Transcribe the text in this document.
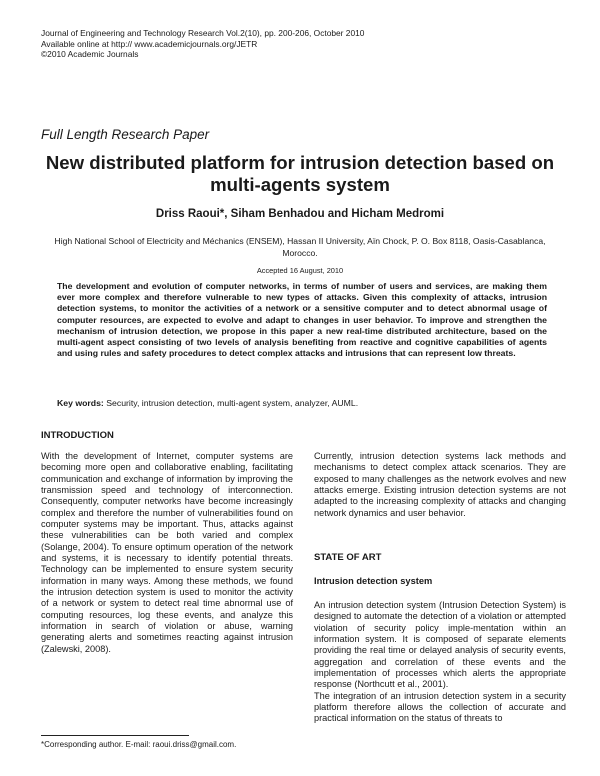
Journal of Engineering and Technology Research Vol.2(10), pp. 200-206, October 2010
Available online at http:// www.academicjournals.org/JETR
©2010 Academic Journals
Full Length Research Paper
New distributed platform for intrusion detection based on multi-agents system
Driss Raoui*, Siham Benhadou and Hicham Medromi
High National School of Electricity and Méchanics (ENSEM), Hassan II University, Aïn Chock, P. O. Box 8118, Oasis-Casablanca, Morocco.
Accepted 16 August, 2010
The development and evolution of computer networks, in terms of number of users and services, are making them ever more complex and therefore vulnerable to new types of attacks. Given this complexity of attacks, intrusion detection systems, to monitor the activities of a network or a sensitive computer and to detect abnormal usage of computer resources, are expected to evolve and adapt to changes in user behavior. To improve and strengthen the mechanism of intrusion detection, we propose in this paper a new real-time distributed architecture, based on the multi-agent aspect consisting of two levels of analysis benefiting from reactive and cognitive capabilities of agents and using rules and safety procedures to detect complex attacks and intrusions that can represent low threats.
Key words: Security, intrusion detection, multi-agent system, analyzer, AUML.
INTRODUCTION
With the development of Internet, computer systems are becoming more open and collaborative enabling, facilitating communication and exchange of information by improving the transmission speed and technology of interconnection. Consequently, computer networks have become increasingly complex and therefore the number of vulnerabilities found on computer systems may be important. Thus, attacks against these vulnerabilities can be both varied and complex (Solange, 2004). To ensure optimum operation of the network and systems, it is necessary to identify potential threats. Technology can be implemented to ensure system security information in many ways. Among these methods, we found the intrusion detection system is used to monitor the activity of a network or system to detect real time abnormal use of computing resources, log these events, and analyze this information in search of violation or abuse, warning generating alerts and sometimes reacting against intrusion (Zalewski, 2008).
Currently, intrusion detection systems lack methods and mechanisms to detect complex attack scenarios. They are exposed to many challenges as the network evolves and new attacks emerge. Existing intrusion detection systems are not adapted to the increasing complexity of attacks and changing network dynamics and user behavior.
STATE OF ART
Intrusion detection system
An intrusion detection system (Intrusion Detection System) is designed to automate the detection of a violation or attempted violation of security policy imple-mentation within an information system. It is composed of separate elements providing the real time or delayed analysis of security events, aggregation and correlation of these events and the implementation of processes which alerts the appropriate response (Northcutt et al., 2001).
The integration of an intrusion detection system in a security platform therefore allows the collection of accurate and practical information on the status of threats to
*Corresponding author. E-mail: raoui.driss@gmail.com.
